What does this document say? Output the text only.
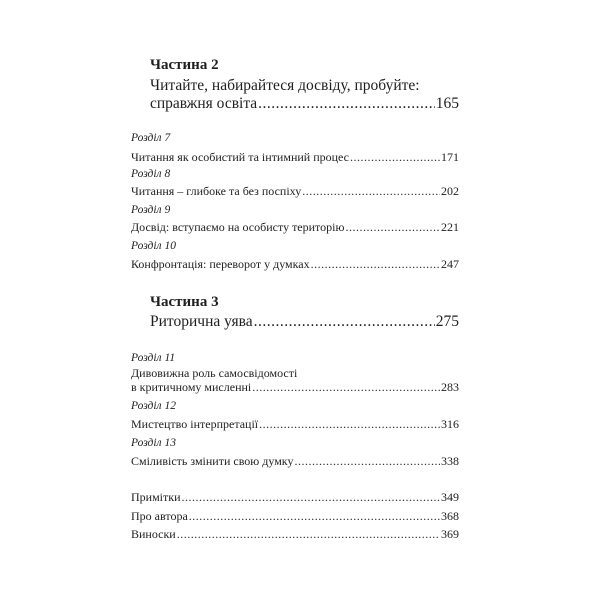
Частина 2
Читайте, набирайтеся досвіду, пробуйте:
справжня освіта .....	165
Розділ 7
Читання як особистий та інтимний процес .....	171
Розділ 8
Читання – глибоке та без поспіху .....	202
Розділ 9
Досвід: вступаємо на особисту територію .....	221
Розділ 10
Конфронтація: переворот у думках .....	247
Частина 3
Риторична уява .....	275
Розділ 11
Дивовижна роль самосвідомості
в критичному мисленні .....	283
Розділ 12
Мистецтво інтерпретації .....	316
Розділ 13
Сміливість змінити свою думку .....	338
Примітки .....	349
Про автора .....	368
Виноски .....	369
